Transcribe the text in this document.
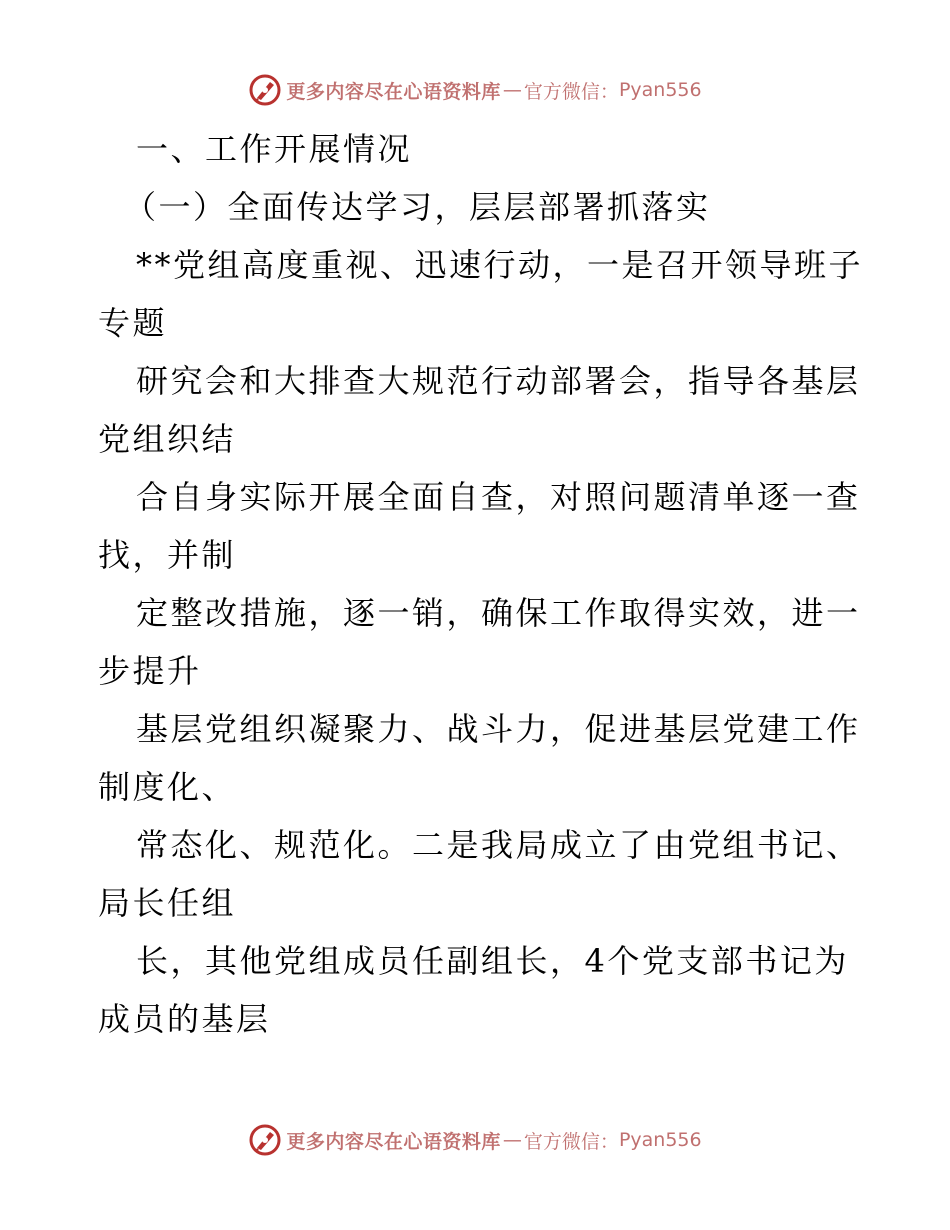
更多内容尽在心语资料库 — 官方微信： Pyan556
一、工作开展情况
（一）全面传达学习，层层部署抓落实
**党组高度重视、迅速行动，一是召开领导班子
专题
研究会和大排查大规范行动部署会，指导各基层
党组织结
合自身实际开展全面自查，对照问题清单逐一查
找，并制
定整改措施，逐一销，确保工作取得实效，进一
步提升
基层党组织凝聚力、战斗力，促进基层党建工作
制度化、
常态化、规范化。二是我局成立了由党组书记、
局长任组
长，其他党组成员任副组长，4个党支部书记为
成员的基层
更多内容尽在心语资料库 — 官方微信： Pyan556
